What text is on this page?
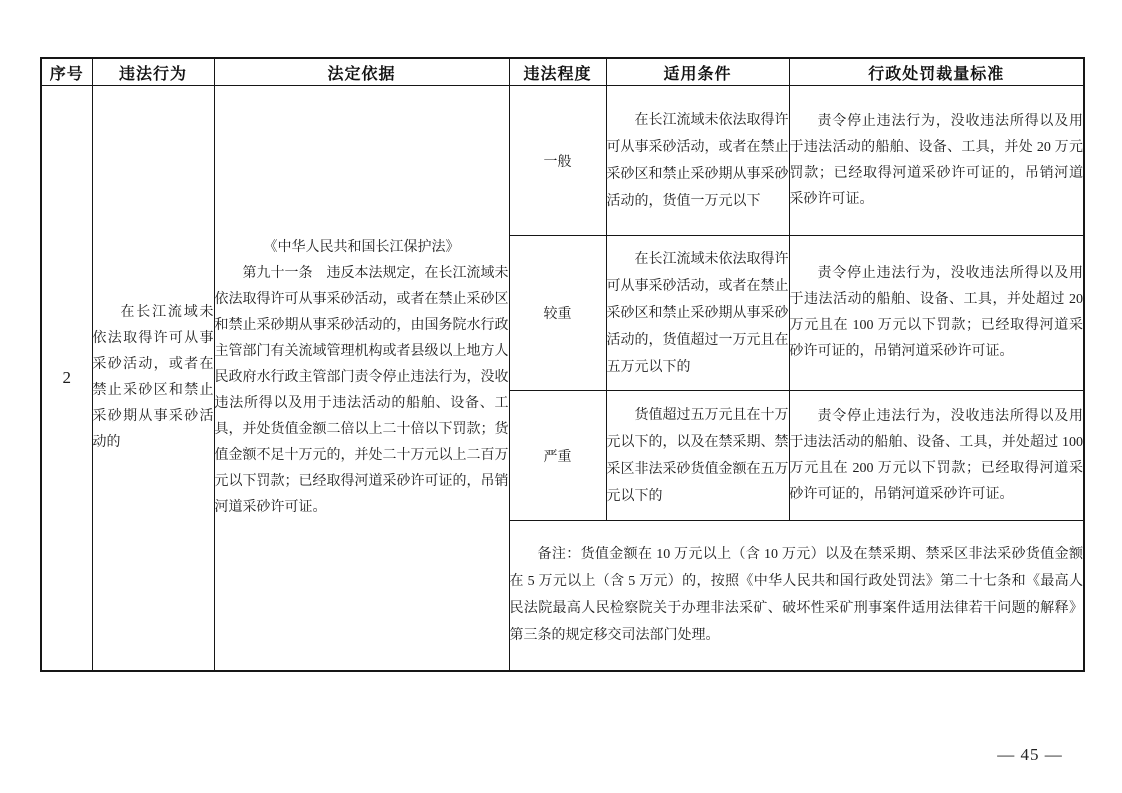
序号	违法行为	法定依据	违法程度	适用条件	行政处罚裁量标准
2	在长江流域未依法取得许可从事采砂活动，或者在禁止采砂区和禁止采砂期从事采砂活动的	《中华人民共和国长江保护法》

第九十一条　违反本法规定，在长江流域未依法取得许可从事采砂活动，或者在禁止采砂区和禁止采砂期从事采砂活动的，由国务院水行政主管部门有关流域管理机构或者县级以上地方人民政府水行政主管部门责令停止违法行为，没收违法所得以及用于违法活动的船舶、设备、工具，并处货值金额二倍以上二十倍以下罚款；货值金额不足十万元的，并处二十万元以上二百万元以下罚款；已经取得河道采砂许可证的，吊销河道采砂许可证。	一般	在长江流域未依法取得许可从事采砂活动，或者在禁止采砂区和禁止采砂期从事采砂活动的，货值一万元以下	责令停止违法行为，没收违法所得以及用于违法活动的船舶、设备、工具，并处 20 万元罚款；已经取得河道采砂许可证的，吊销河道采砂许可证。

			较重	在长江流域未依法取得许可从事采砂活动，或者在禁止采砂区和禁止采砂期从事采砂活动的，货值超过一万元且在五万元以下的	责令停止违法行为，没收违法所得以及用于违法活动的船舶、设备、工具，并处超过 20 万元且在 100 万元以下罚款；已经取得河道采砂许可证的，吊销河道采砂许可证。

			严重	货值超过五万元且在十万元以下的，以及在禁采期、禁采区非法采砂货值金额在五万元以下的	责令停止违法行为，没收违法所得以及用于违法活动的船舶、设备、工具，并处超过 100 万元且在 200 万元以下罚款；已经取得河道采砂许可证的，吊销河道采砂许可证。

			备注：货值金额在 10 万元以上（含 10 万元）以及在禁采期、禁采区非法采砂货值金额在 5 万元以上（含 5 万元）的，按照《中华人民共和国行政处罚法》第二十七条和《最高人民法院最高人民检察院关于办理非法采矿、破坏性采矿刑事案件适用法律若干问题的解释》第三条的规定移交司法部门处理。		
— 45 —
